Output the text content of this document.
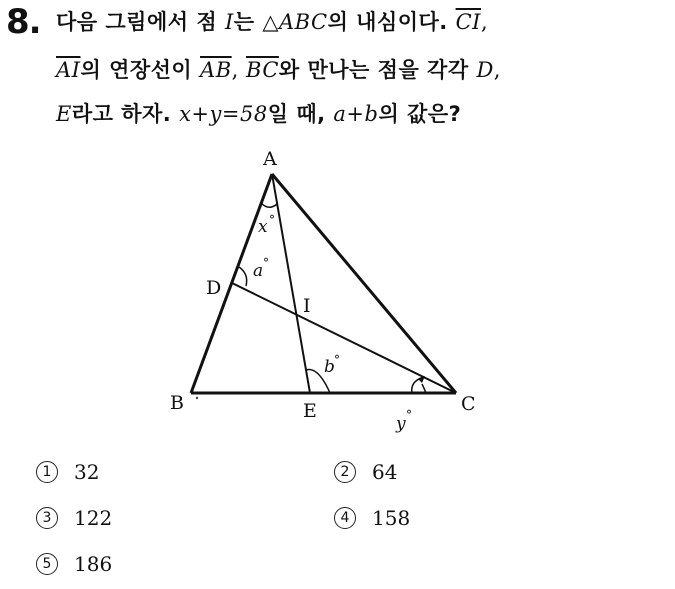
8. 다음 그림에서 점 I는 △ABC의 내심이다. $\overline{CI}$,
$\overline{AI}$의 연장선이 $\overline{AB}$, $\overline{BC}$와 만나는 점을 각각 D,
E라고 하자. x+y=58일 때, a+b의 값은?
A
B	C
D
E
I
x °
a °
b °
y °
1 32	2 64
3 122	4 158
5 186
